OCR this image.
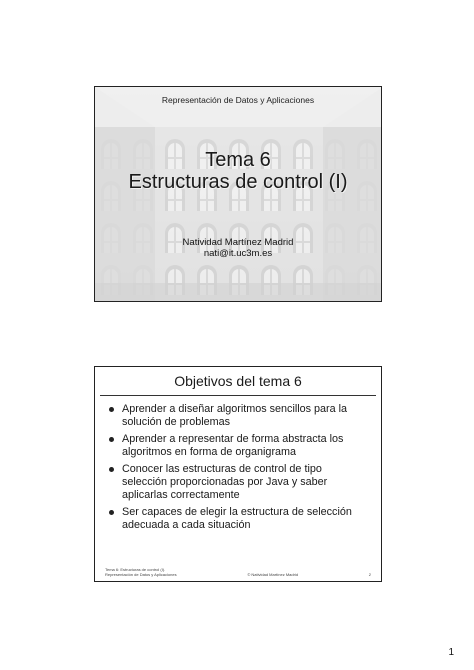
Representación de Datos y Aplicaciones
Tema 6
Estructuras de control (I)
Natividad Martínez Madrid
nati@it.uc3m.es
Objetivos del tema 6
Aprender a diseñar algoritmos sencillos para la solución de problemas
Aprender a representar de forma abstracta los algoritmos en forma de organigrama
Conocer las estructuras de control de tipo selección proporcionadas por Java y saber aplicarlas correctamente
Ser capaces de elegir la estructura de selección adecuada a cada situación
Tema 6: Estructuras de control (I).
Representación de Datos y Aplicaciones	© Natividad Martínez Madrid	2
1
